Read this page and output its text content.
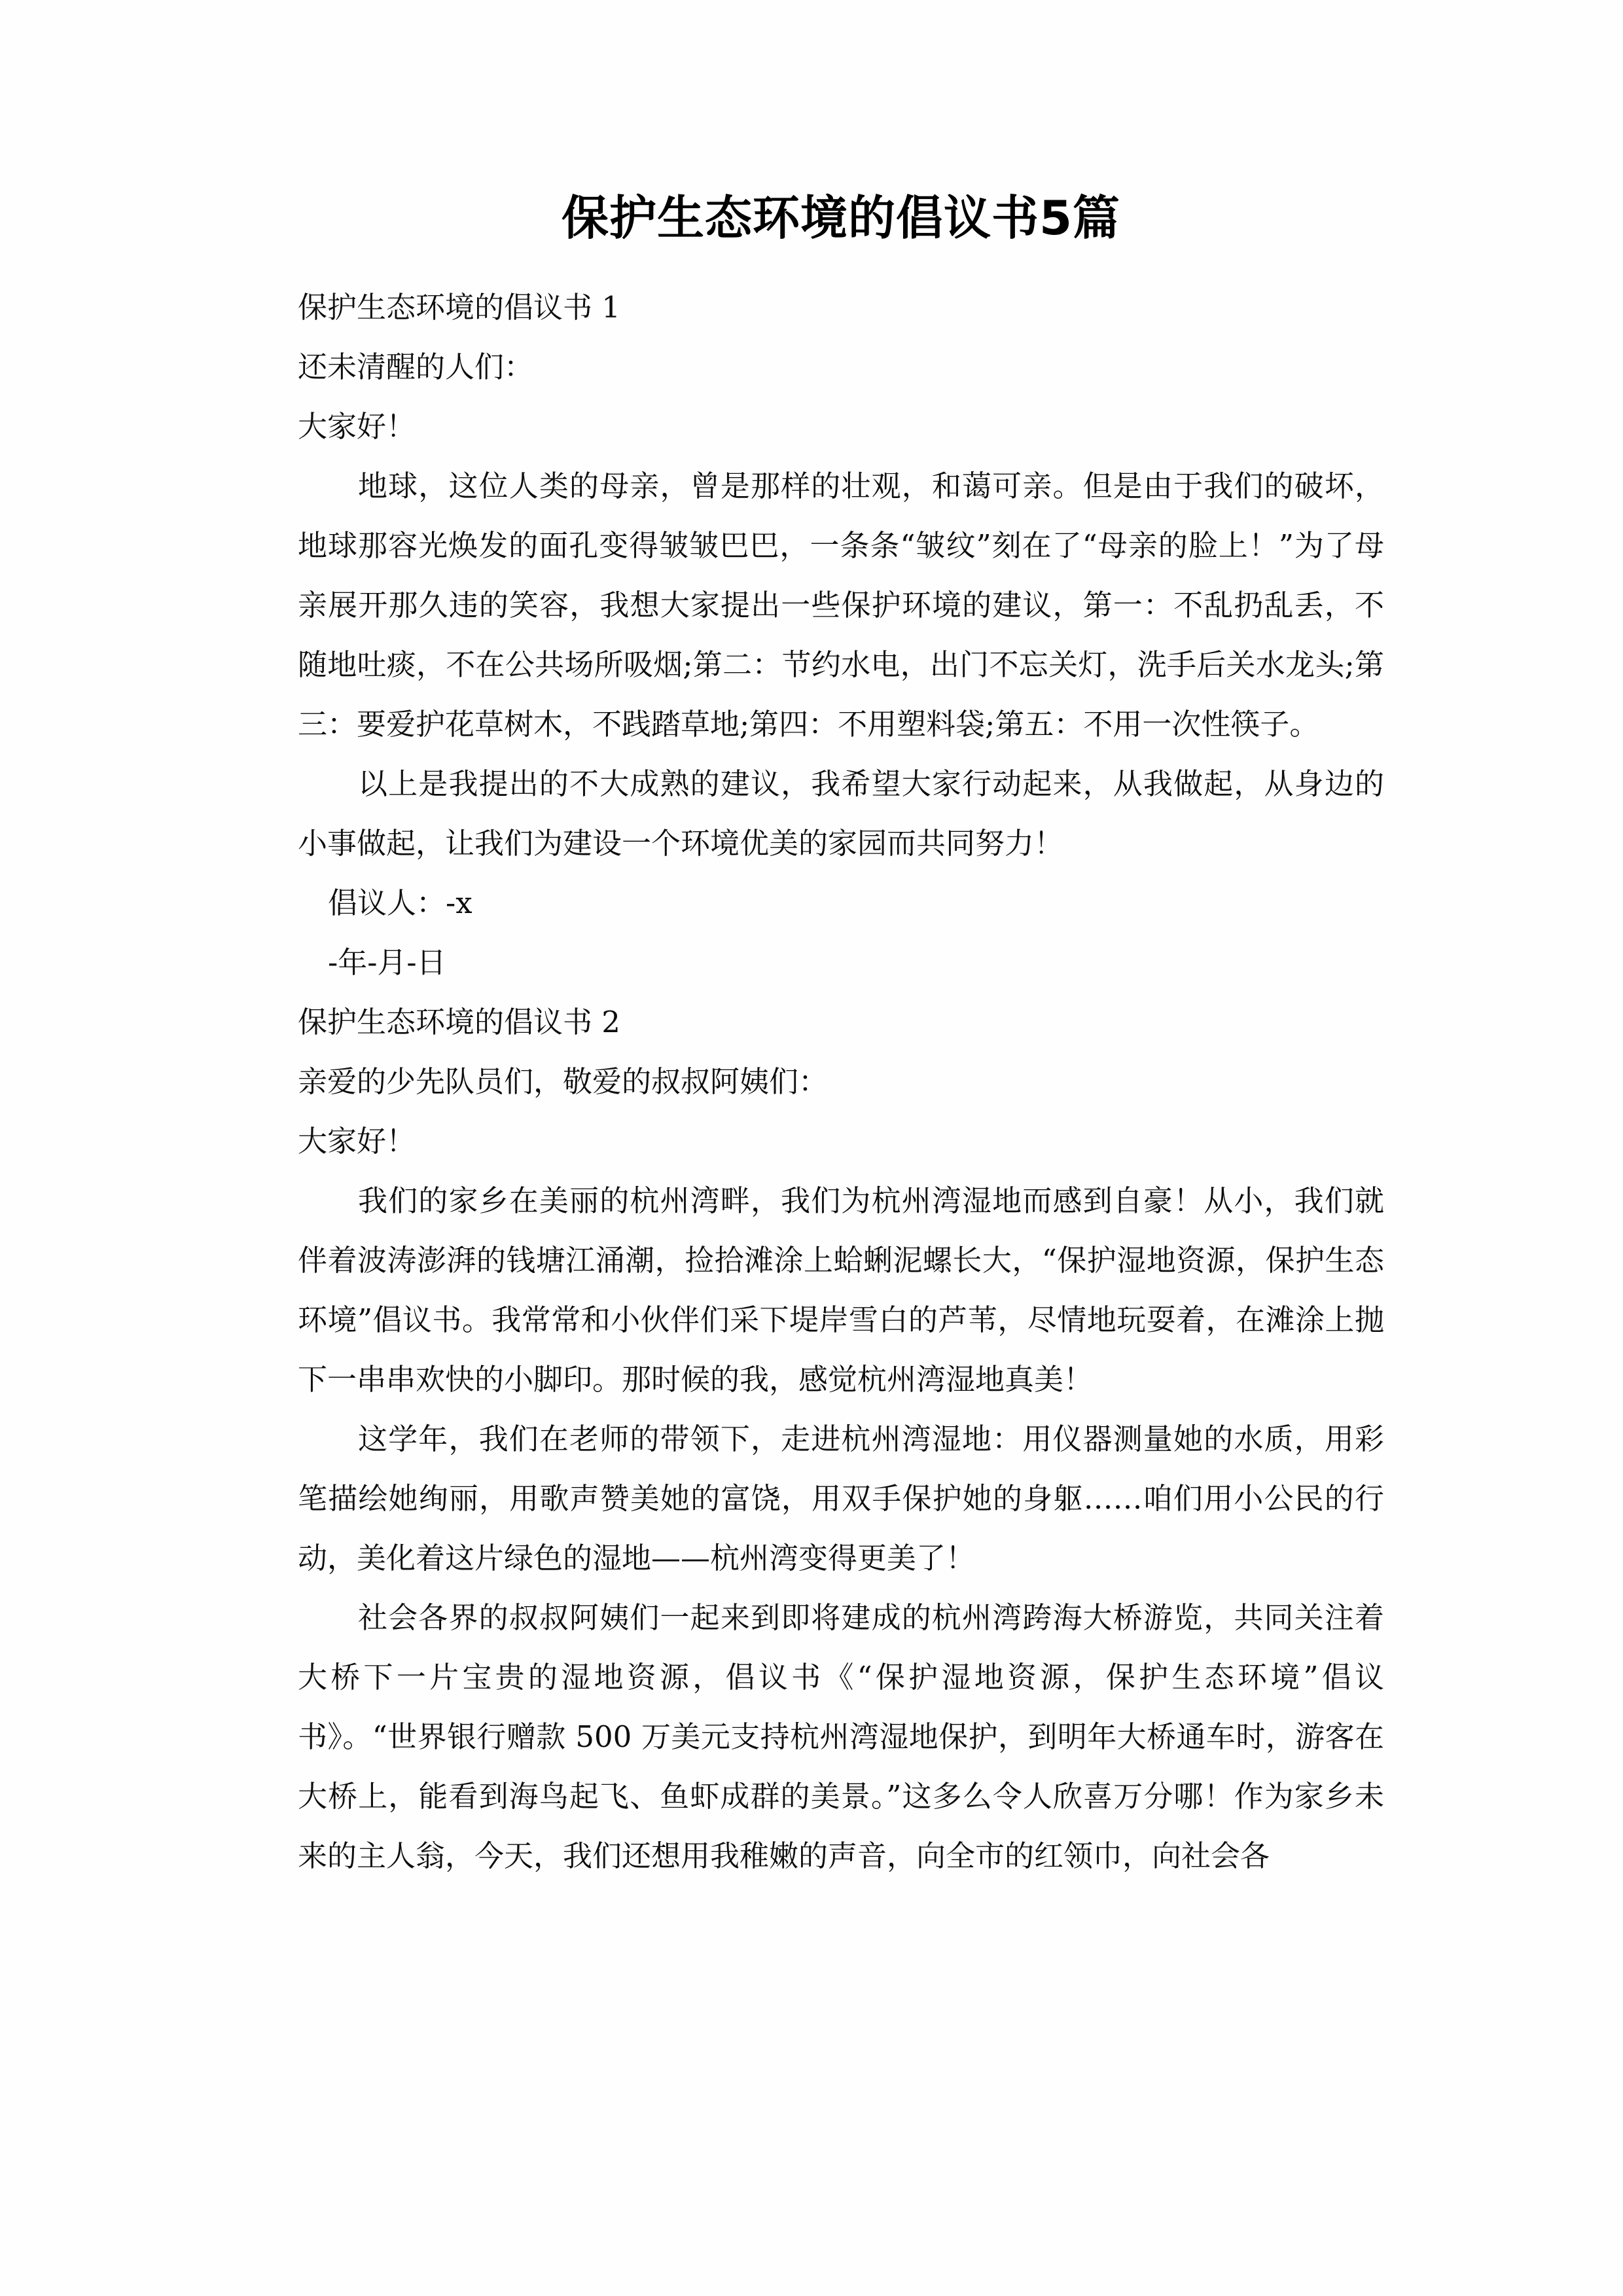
保护生态环境的倡议书5篇

保护生态环境的倡议书 1

还未清醒的人们：

大家好！

地球，这位人类的母亲，曾是那样的壮观，和蔼可亲。但是由于我们的破坏，地球那容光焕发的面孔变得皱皱巴巴，一条条“皱纹”刻在了“母亲的脸上！”为了母亲展开那久违的笑容，我想大家提出一些保护环境的建议，第一：不乱扔乱丢，不随地吐痰，不在公共场所吸烟;第二：节约水电，出门不忘关灯，洗手后关水龙头;第三：要爱护花草树木，不践踏草地;第四：不用塑料袋;第五：不用一次性筷子。

以上是我提出的不大成熟的建议，我希望大家行动起来，从我做起，从身边的小事做起，让我们为建设一个环境优美的家园而共同努力！

倡议人：-x

-年-月-日

保护生态环境的倡议书 2

亲爱的少先队员们，敬爱的叔叔阿姨们：

大家好！

我们的家乡在美丽的杭州湾畔，我们为杭州湾湿地而感到自豪！从小，我们就伴着波涛澎湃的钱塘江涌潮，捡拾滩涂上蛤蜊泥螺长大，“保护湿地资源，保护生态环境”倡议书。我常常和小伙伴们采下堤岸雪白的芦苇，尽情地玩耍着，在滩涂上抛下一串串欢快的小脚印。那时候的我，感觉杭州湾湿地真美！

这学年，我们在老师的带领下，走进杭州湾湿地：用仪器测量她的水质，用彩笔描绘她绚丽，用歌声赞美她的富饶，用双手保护她的身躯……咱们用小公民的行动，美化着这片绿色的湿地——杭州湾变得更美了！

社会各界的叔叔阿姨们一起来到即将建成的杭州湾跨海大桥游览，共同关注着大桥下一片宝贵的湿地资源，倡议书《“保护湿地资源，保护生态环境”倡议书》。“世界银行赠款 500 万美元支持杭州湾湿地保护，到明年大桥通车时，游客在大桥上，能看到海鸟起飞、鱼虾成群的美景。”这多么令人欣喜万分哪！作为家乡未来的主人翁，今天，我们还想用我稚嫩的声音，向全市的红领巾，向社会各
